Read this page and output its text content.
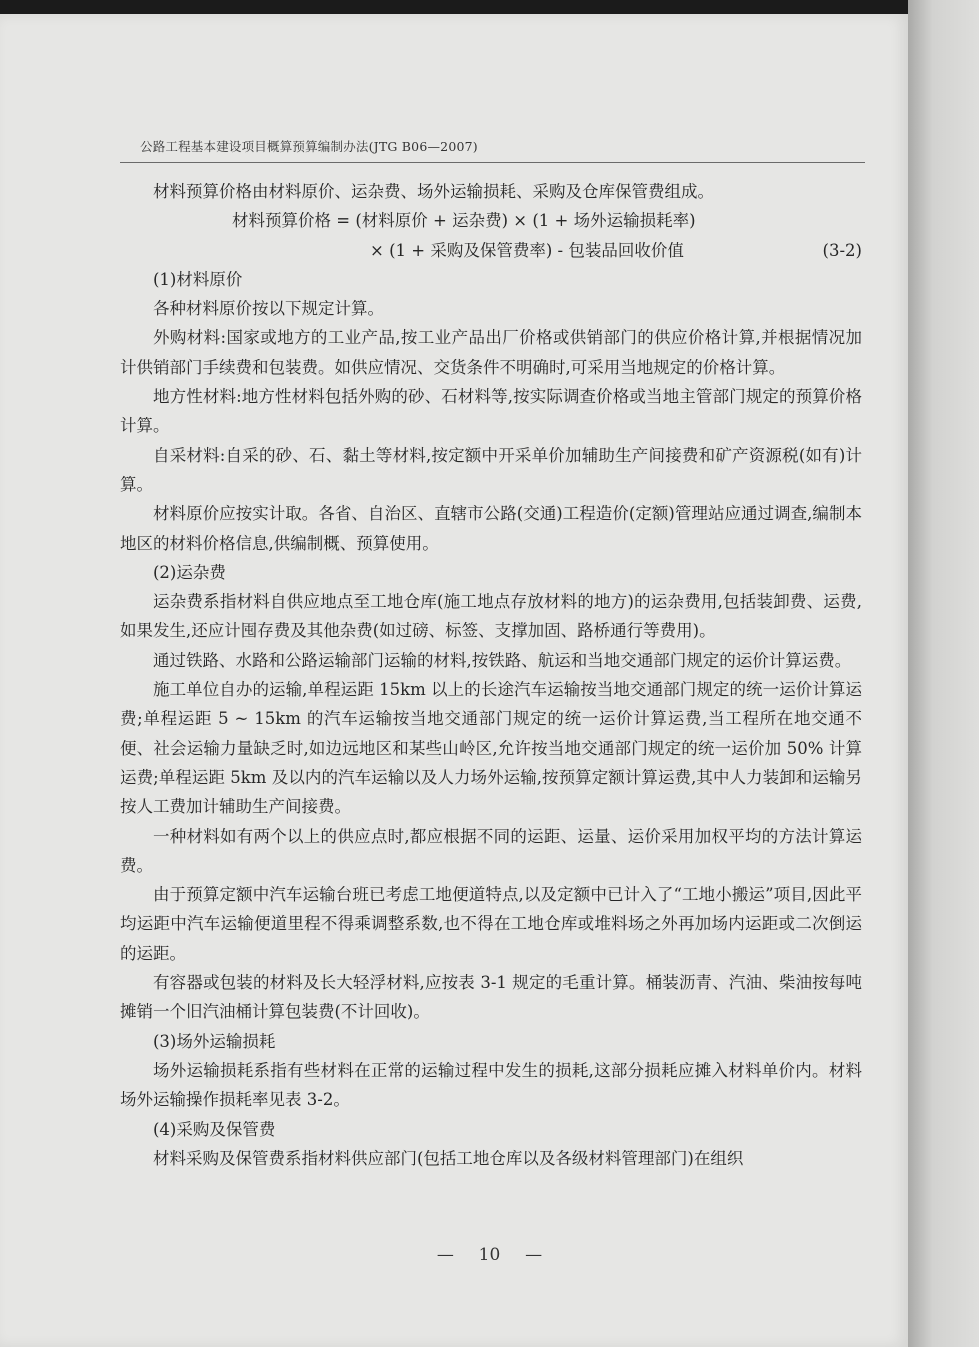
公路工程基本建设项目概算预算编制办法(JTG B06—2007)

材料预算价格由材料原价、运杂费、场外运输损耗、采购及仓库保管费组成。

材料预算价格 = (材料原价 + 运杂费) × (1 + 场外运输损耗率)
× (1 + 采购及保管费率) - 包装品回收价值	(3-2)

(1)材料原价

各种材料原价按以下规定计算。

外购材料:国家或地方的工业产品,按工业产品出厂价格或供销部门的供应价格计算,并根据情况加计供销部门手续费和包装费。如供应情况、交货条件不明确时,可采用当地规定的价格计算。

地方性材料:地方性材料包括外购的砂、石材料等,按实际调查价格或当地主管部门规定的预算价格计算。

自采材料:自采的砂、石、黏土等材料,按定额中开采单价加辅助生产间接费和矿产资源税(如有)计算。

材料原价应按实计取。各省、自治区、直辖市公路(交通)工程造价(定额)管理站应通过调查,编制本地区的材料价格信息,供编制概、预算使用。

(2)运杂费

运杂费系指材料自供应地点至工地仓库(施工地点存放材料的地方)的运杂费用,包括装卸费、运费,如果发生,还应计囤存费及其他杂费(如过磅、标签、支撑加固、路桥通行等费用)。

通过铁路、水路和公路运输部门运输的材料,按铁路、航运和当地交通部门规定的运价计算运费。

施工单位自办的运输,单程运距 15km 以上的长途汽车运输按当地交通部门规定的统一运价计算运费;单程运距 5 ~ 15km 的汽车运输按当地交通部门规定的统一运价计算运费,当工程所在地交通不便、社会运输力量缺乏时,如边远地区和某些山岭区,允许按当地交通部门规定的统一运价加 50% 计算运费;单程运距 5km 及以内的汽车运输以及人力场外运输,按预算定额计算运费,其中人力装卸和运输另按人工费加计辅助生产间接费。

一种材料如有两个以上的供应点时,都应根据不同的运距、运量、运价采用加权平均的方法计算运费。

由于预算定额中汽车运输台班已考虑工地便道特点,以及定额中已计入了“工地小搬运”项目,因此平均运距中汽车运输便道里程不得乘调整系数,也不得在工地仓库或堆料场之外再加场内运距或二次倒运的运距。

有容器或包装的材料及长大轻浮材料,应按表 3-1 规定的毛重计算。桶装沥青、汽油、柴油按每吨摊销一个旧汽油桶计算包装费(不计回收)。

(3)场外运输损耗

场外运输损耗系指有些材料在正常的运输过程中发生的损耗,这部分损耗应摊入材料单价内。材料场外运输操作损耗率见表 3-2。

(4)采购及保管费

材料采购及保管费系指材料供应部门(包括工地仓库以及各级材料管理部门)在组织

— 10 —
